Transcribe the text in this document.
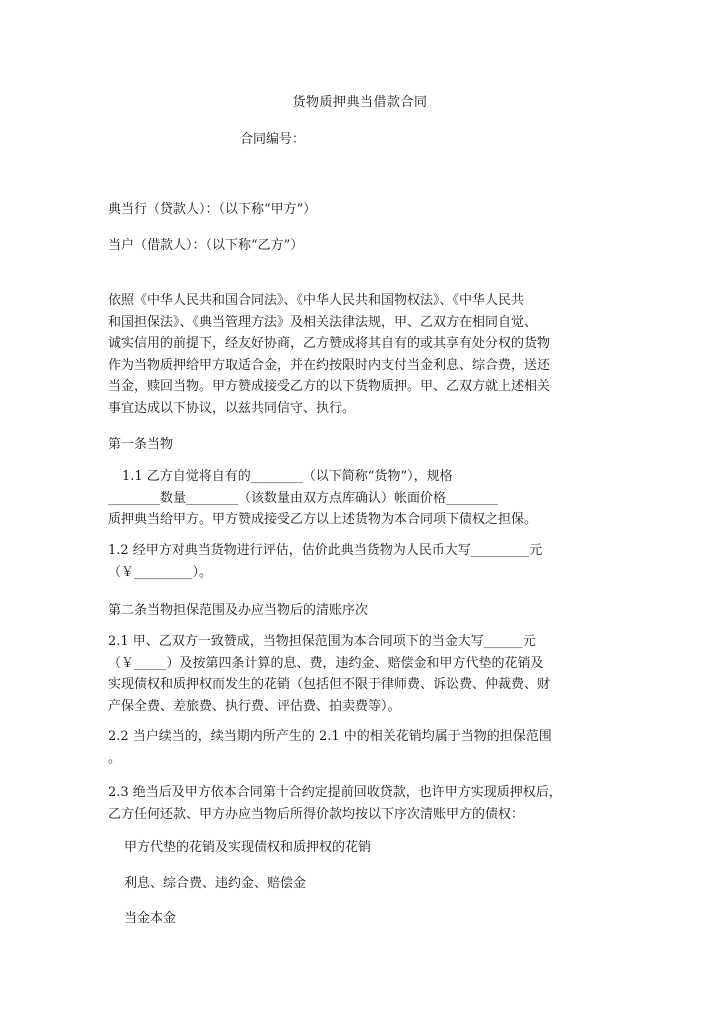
货物质押典当借款合同
合同编号：
典当行（贷款人）：（以下称“甲方”）
当户（借款人）：（以下称“乙方”）
依照《中华人民共和国合同法》、《中华人民共和国物权法》、《中华人民共
和国担保法》、《典当管理方法》及相关法律法规，甲、乙双方在相同自觉、
诚实信用的前提下，经友好协商，乙方赞成将其自有的或其享有处分权的货物
作为当物质押给甲方取适合金，并在约按限时内支付当金利息、综合费，送还
当金，赎回当物。甲方赞成接受乙方的以下货物质押。甲、乙双方就上述相关
事宜达成以下协议，以兹共同信守、执行。
第一条当物
1.1 乙方自觉将自有的________（以下简称“货物”），规格
________数量________（该数量由双方点库确认）帐面价格________
质押典当给甲方。甲方赞成接受乙方以上述货物为本合同项下债权之担保。
1.2 经甲方对典当货物进行评估，估价此典当货物为人民币大写_________元
（￥_________）。
第二条当物担保范围及办应当物后的清账序次
2.1 甲、乙双方一致赞成，当物担保范围为本合同项下的当金大写______元
（￥_____）及按第四条计算的息、费，违约金、赔偿金和甲方代垫的花销及
实现债权和质押权而发生的花销（包括但不限于律师费、诉讼费、仲裁费、财
产保全费、差旅费、执行费、评估费、拍卖费等）。
2.2 当户续当的，续当期内所产生的 2.1 中的相关花销均属于当物的担保范围
。
2.3 绝当后及甲方依本合同第十合约定提前回收贷款，也许甲方实现质押权后，
乙方任何还款、甲方办应当物后所得价款均按以下序次清账甲方的债权：
甲方代垫的花销及实现债权和质押权的花销
利息、综合费、违约金、赔偿金
当金本金
